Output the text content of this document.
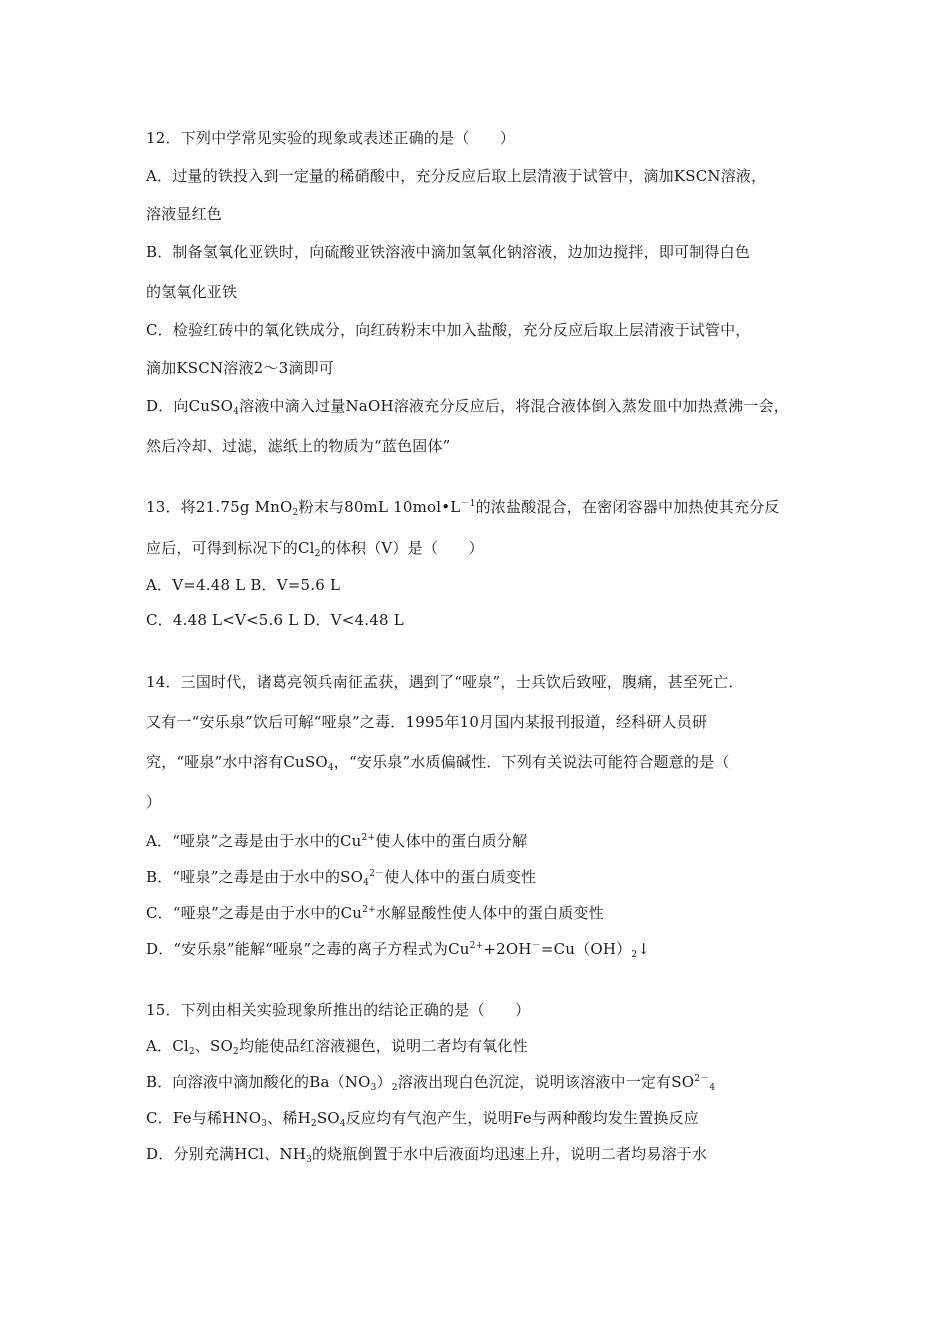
12．下列中学常见实验的现象或表述正确的是（　　）
A．过量的铁投入到一定量的稀硝酸中，充分反应后取上层清液于试管中，滴加KSCN溶液，
溶液显红色
B．制备氢氧化亚铁时，向硫酸亚铁溶液中滴加氢氧化钠溶液，边加边搅拌，即可制得白色
的氢氧化亚铁
C．检验红砖中的氧化铁成分，向红砖粉末中加入盐酸，充分反应后取上层清液于试管中，
滴加KSCN溶液2～3滴即可
D．向CuSO$_4$溶液中滴入过量NaOH溶液充分反应后，将混合液体倒入蒸发皿中加热煮沸一会，
然后冷却、过滤，滤纸上的物质为“蓝色固体”
13．将21.75g MnO$_2$粉末与80mL $10mol•L^{-1}$的浓盐酸混合，在密闭容器中加热使其充分反
应后，可得到标况下的$Cl_2$的体积（V）是（　　）
A．V=4.48 L B．V=5.6 L
C．4.48 L<V<5.6 L D．V<4.48 L
14．三国时代，诸葛亮领兵南征孟获，遇到了“哑泉”，士兵饮后致哑，腹痛，甚至死亡．
又有一“安乐泉”饮后可解“哑泉”之毒．1995年10月国内某报刊报道，经科研人员研
究，“哑泉”水中溶有CuSO$_4$，“安乐泉”水质偏碱性．下列有关说法可能符合题意的是（
）
A．“哑泉”之毒是由于水中的$Cu^{2+}$使人体中的蛋白质分解
B．“哑泉”之毒是由于水中的$SO_4^{2-}$使人体中的蛋白质变性
C．“哑泉”之毒是由于水中的$Cu^{2+}$水解显酸性使人体中的蛋白质变性
D．“安乐泉”能解“哑泉”之毒的离子方程式为$Cu^{2+}+2OH^-=Cu(OH)_2↓$
15．下列由相关实验现象所推出的结论正确的是（　　）
A．$Cl_2$、$SO_2$均能使品红溶液褪色，说明二者均有氧化性
B．向溶液中滴加酸化的$Ba(NO_3)_2$溶液出现白色沉淀，说明该溶液中一定有$SO^{2-}_4$
C．Fe与稀$HNO_3$、稀$H_2SO_4$反应均有气泡产生，说明Fe与两种酸均发生置换反应
D．分别充满HCl、$NH_3$的烧瓶倒置于水中后液面均迅速上升，说明二者均易溶于水
